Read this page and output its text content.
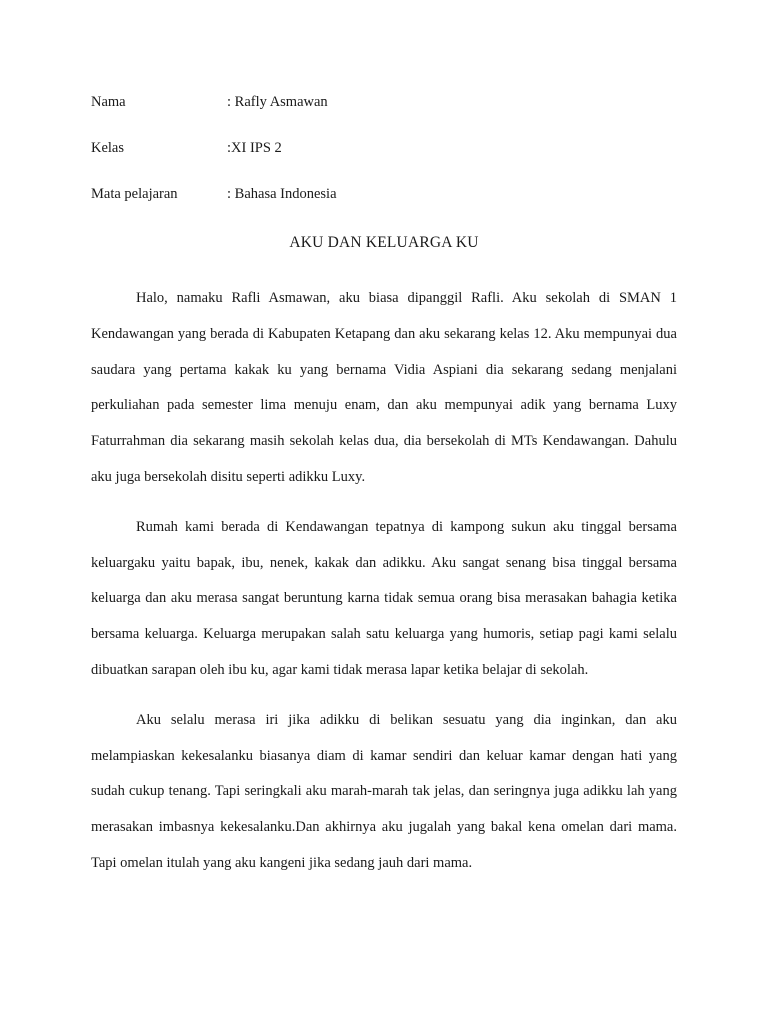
Nama	: Rafly Asmawan
Kelas	:XI IPS 2
Mata pelajaran	: Bahasa Indonesia
AKU DAN KELUARGA KU

Halo, namaku Rafli Asmawan, aku biasa dipanggil Rafli. Aku sekolah di SMAN 1 Kendawangan yang berada di Kabupaten Ketapang dan aku sekarang kelas 12. Aku mempunyai dua saudara yang pertama kakak ku yang bernama Vidia Aspiani dia sekarang sedang menjalani perkuliahan pada semester lima menuju enam, dan aku mempunyai adik yang bernama Luxy Faturrahman dia sekarang masih sekolah kelas dua, dia bersekolah di MTs Kendawangan. Dahulu aku juga bersekolah disitu seperti adikku Luxy.

Rumah kami berada di Kendawangan tepatnya di kampong sukun aku tinggal bersama keluargaku yaitu bapak, ibu, nenek, kakak dan adikku. Aku sangat senang bisa tinggal bersama keluarga dan aku merasa sangat beruntung karna tidak semua orang bisa merasakan bahagia ketika bersama keluarga. Keluarga merupakan salah satu keluarga yang humoris, setiap pagi kami selalu dibuatkan sarapan oleh ibu ku, agar kami tidak merasa lapar ketika belajar di sekolah.

Aku selalu merasa iri jika adikku di belikan sesuatu yang dia inginkan, dan aku melampiaskan kekesalanku biasanya diam di kamar sendiri dan keluar kamar dengan hati yang sudah cukup tenang. Tapi seringkali aku marah-marah tak jelas, dan seringnya juga adikku lah yang merasakan imbasnya kekesalanku.Dan akhirnya aku jugalah yang bakal kena omelan dari mama. Tapi omelan itulah yang aku kangeni jika sedang jauh dari mama.
